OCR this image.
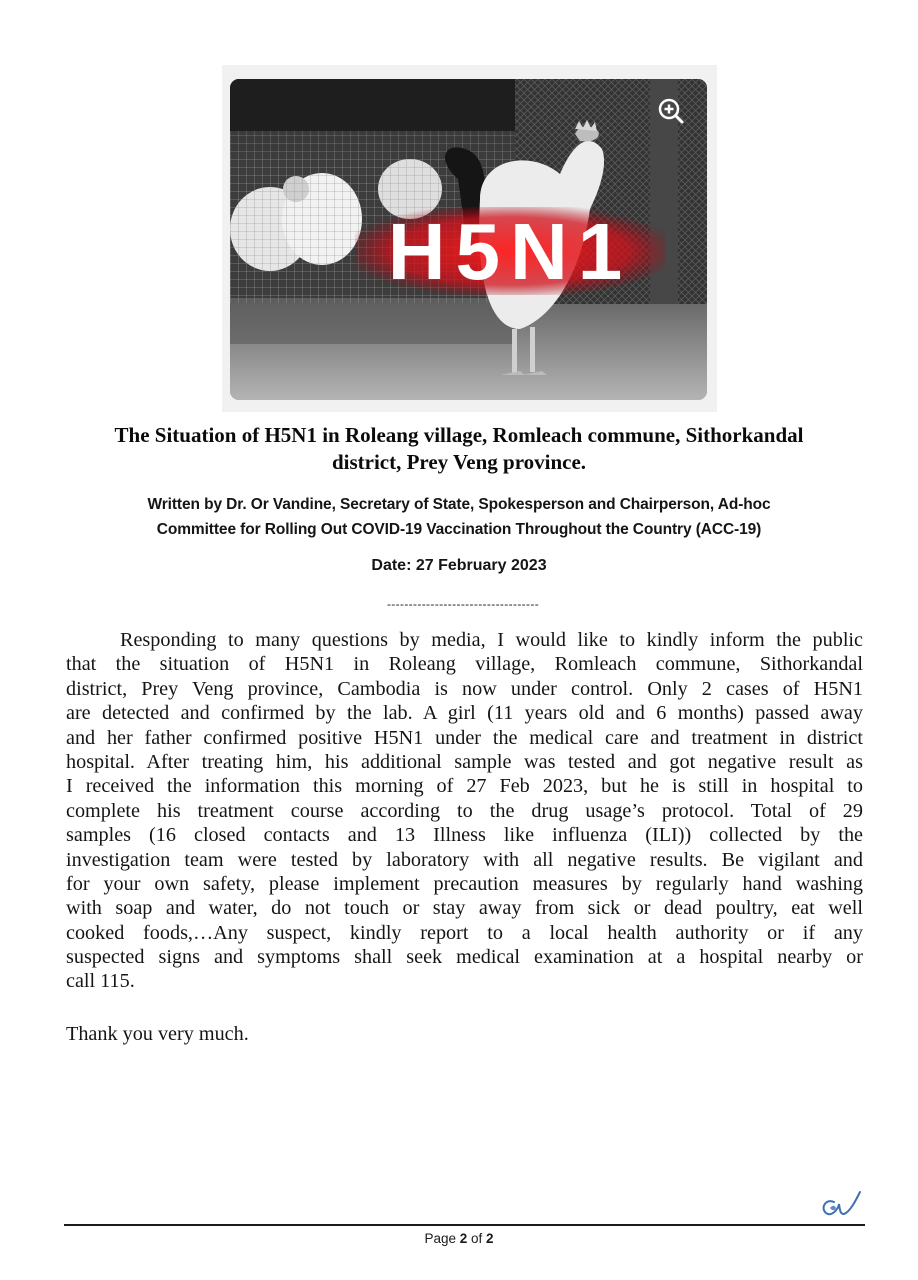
H5N1
The Situation of H5N1 in Roleang village, Romleach commune, Sithorkandal
district, Prey Veng province.
Written by Dr. Or Vandine, Secretary of State, Spokesperson and Chairperson, Ad-hoc
Committee for Rolling Out COVID-19 Vaccination Throughout the Country (ACC-19)
Date: 27 February 2023
-----------------------------------
Responding to many questions by media, I would like to kindly inform the public
that the situation of H5N1 in Roleang village, Romleach commune, Sithorkandal
district, Prey Veng province, Cambodia is now under control. Only 2 cases of H5N1
are detected and confirmed by the lab. A girl (11 years old and 6 months) passed away
and her father confirmed positive H5N1 under the medical care and treatment in district
hospital. After treating him, his additional sample was tested and got negative result as
I received the information this morning of 27 Feb 2023, but he is still in hospital to
complete his treatment course according to the drug usage’s protocol. Total of 29
samples (16 closed contacts and 13 Illness like influenza (ILI)) collected by the
investigation team were tested by laboratory with all negative results. Be vigilant and
for your own safety, please implement precaution measures by regularly hand washing
with soap and water, do not touch or stay away from sick or dead poultry, eat well
cooked foods,…Any suspect, kindly report to a local health authority or if any
suspected signs and symptoms shall seek medical examination at a hospital nearby or
call 115.
Thank you very much.
Page 2 of 2
